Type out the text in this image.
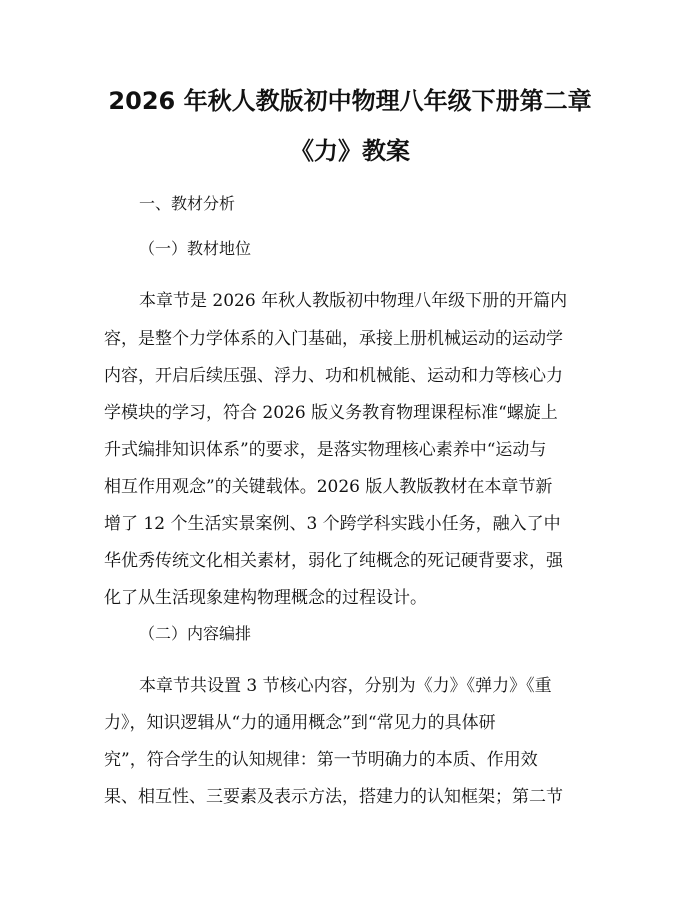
2026 年秋人教版初中物理八年级下册第二章
《力》教案
一、教材分析
（一）教材地位
本章节是 2026 年秋人教版初中物理八年级下册的开篇内
容，是整个力学体系的入门基础，承接上册机械运动的运动学
内容，开启后续压强、浮力、功和机械能、运动和力等核心力
学模块的学习，符合 2026 版义务教育物理课程标准“螺旋上
升式编排知识体系”的要求，是落实物理核心素养中“运动与
相互作用观念”的关键载体。2026 版人教版教材在本章节新
增了 12 个生活实景案例、3 个跨学科实践小任务，融入了中
华优秀传统文化相关素材，弱化了纯概念的死记硬背要求，强
化了从生活现象建构物理概念的过程设计。
（二）内容编排
本章节共设置 3 节核心内容，分别为《力》《弹力》《重
力》，知识逻辑从“力的通用概念”到“常见力的具体研
究”，符合学生的认知规律：第一节明确力的本质、作用效
果、相互性、三要素及表示方法，搭建力的认知框架；第二节
